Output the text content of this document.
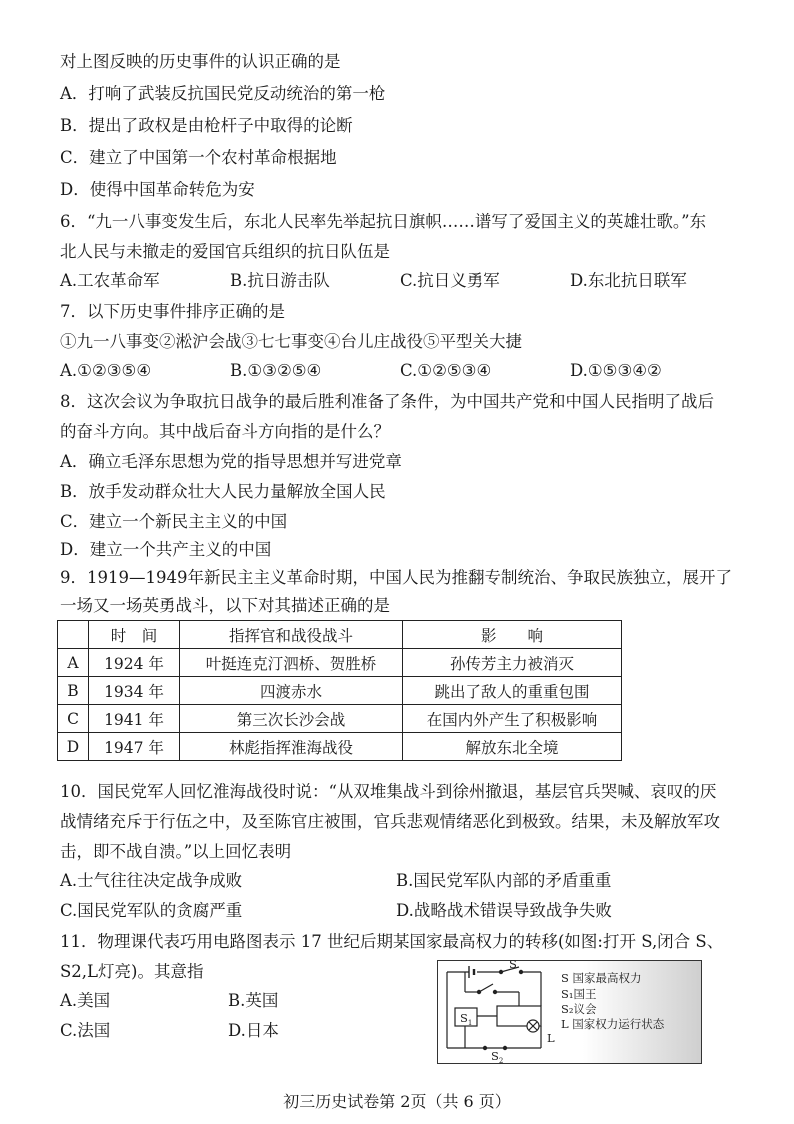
对上图反映的历史事件的认识正确的是
A．打响了武装反抗国民党反动统治的第一枪
B．提出了政权是由枪杆子中取得的论断
C．建立了中国第一个农村革命根据地
D．使得中国革命转危为安
6．“九一八事变发生后，东北人民率先举起抗日旗帜……谱写了爱国主义的英雄壮歌。”东
北人民与未撤走的爱国官兵组织的抗日队伍是
A.工农革命军	B.抗日游击队	C.抗日义勇军	D.东北抗日联军
7．以下历史事件排序正确的是
①九一八事变②淞沪会战③七七事变④台儿庄战役⑤平型关大捷
A.①②③⑤④	B.①③②⑤④	C.①②⑤③④	D.①⑤③④②
8．这次会议为争取抗日战争的最后胜利准备了条件，为中国共产党和中国人民指明了战后
的奋斗方向。其中战后奋斗方向指的是什么？
A．确立毛泽东思想为党的指导思想并写进党章
B．放手发动群众壮大人民力量解放全国人民
C．建立一个新民主主义的中国
D．建立一个共产主义的中国
9．1919—1949年新民主主义革命时期，中国人民为推翻专制统治、争取民族独立，展开了
一场又一场英勇战斗，以下对其描述正确的是
	时　间	指挥官和战役战斗	影　　响
A	1924 年	叶挺连克汀泗桥、贺胜桥	孙传芳主力被消灭
B	1934 年	四渡赤水	跳出了敌人的重重包围
C	1941 年	第三次长沙会战	在国内外产生了积极影响
D	1947 年	林彪指挥淮海战役	解放东北全境
10．国民党军人回忆淮海战役时说：“从双堆集战斗到徐州撤退，基层官兵哭喊、哀叹的厌
战情绪充斥于行伍之中，及至陈官庄被围，官兵悲观情绪恶化到极致。结果，未及解放军攻
击，即不战自溃。”以上回忆表明
A.士气往往决定战争成败	B.国民党军队内部的矛盾重重
C.国民党军队的贪腐严重	D.战略战术错误导致战争失败
11．物理课代表巧用电路图表示 17 世纪后期某国家最高权力的转移(如图:打开 S,闭合 S、
S2,L灯亮)。其意指
A.美国	B.英国
C.法国	D.日本
S
$S_1$
$S_2$
L
S 国家最高权力
S₁国王
S₂议会
L 国家权力运行状态
初三历史试卷第 2页（共 6 页）
